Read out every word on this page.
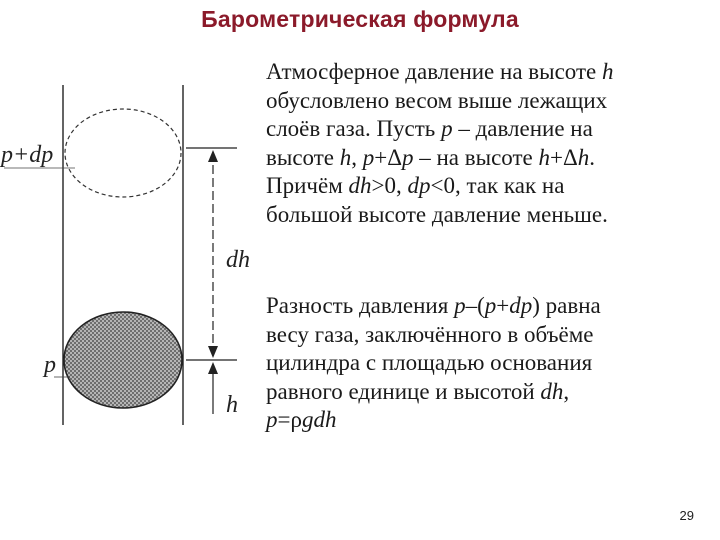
Барометрическая формула
p+dp
p
dh
h
Атмосферное давление на высоте h
обусловлено весом выше лежащих
слоёв газа. Пусть p – давление на
высоте h, p+Δp – на высоте h+Δh.
Причём dh>0, dp<0, так как на
большой высоте давление меньше.
Разность давления p–(p+dp) равна
весу газа, заключённого в объёме
цилиндра с площадью основания
равного единице и высотой dh,
p=ρgdh
29
